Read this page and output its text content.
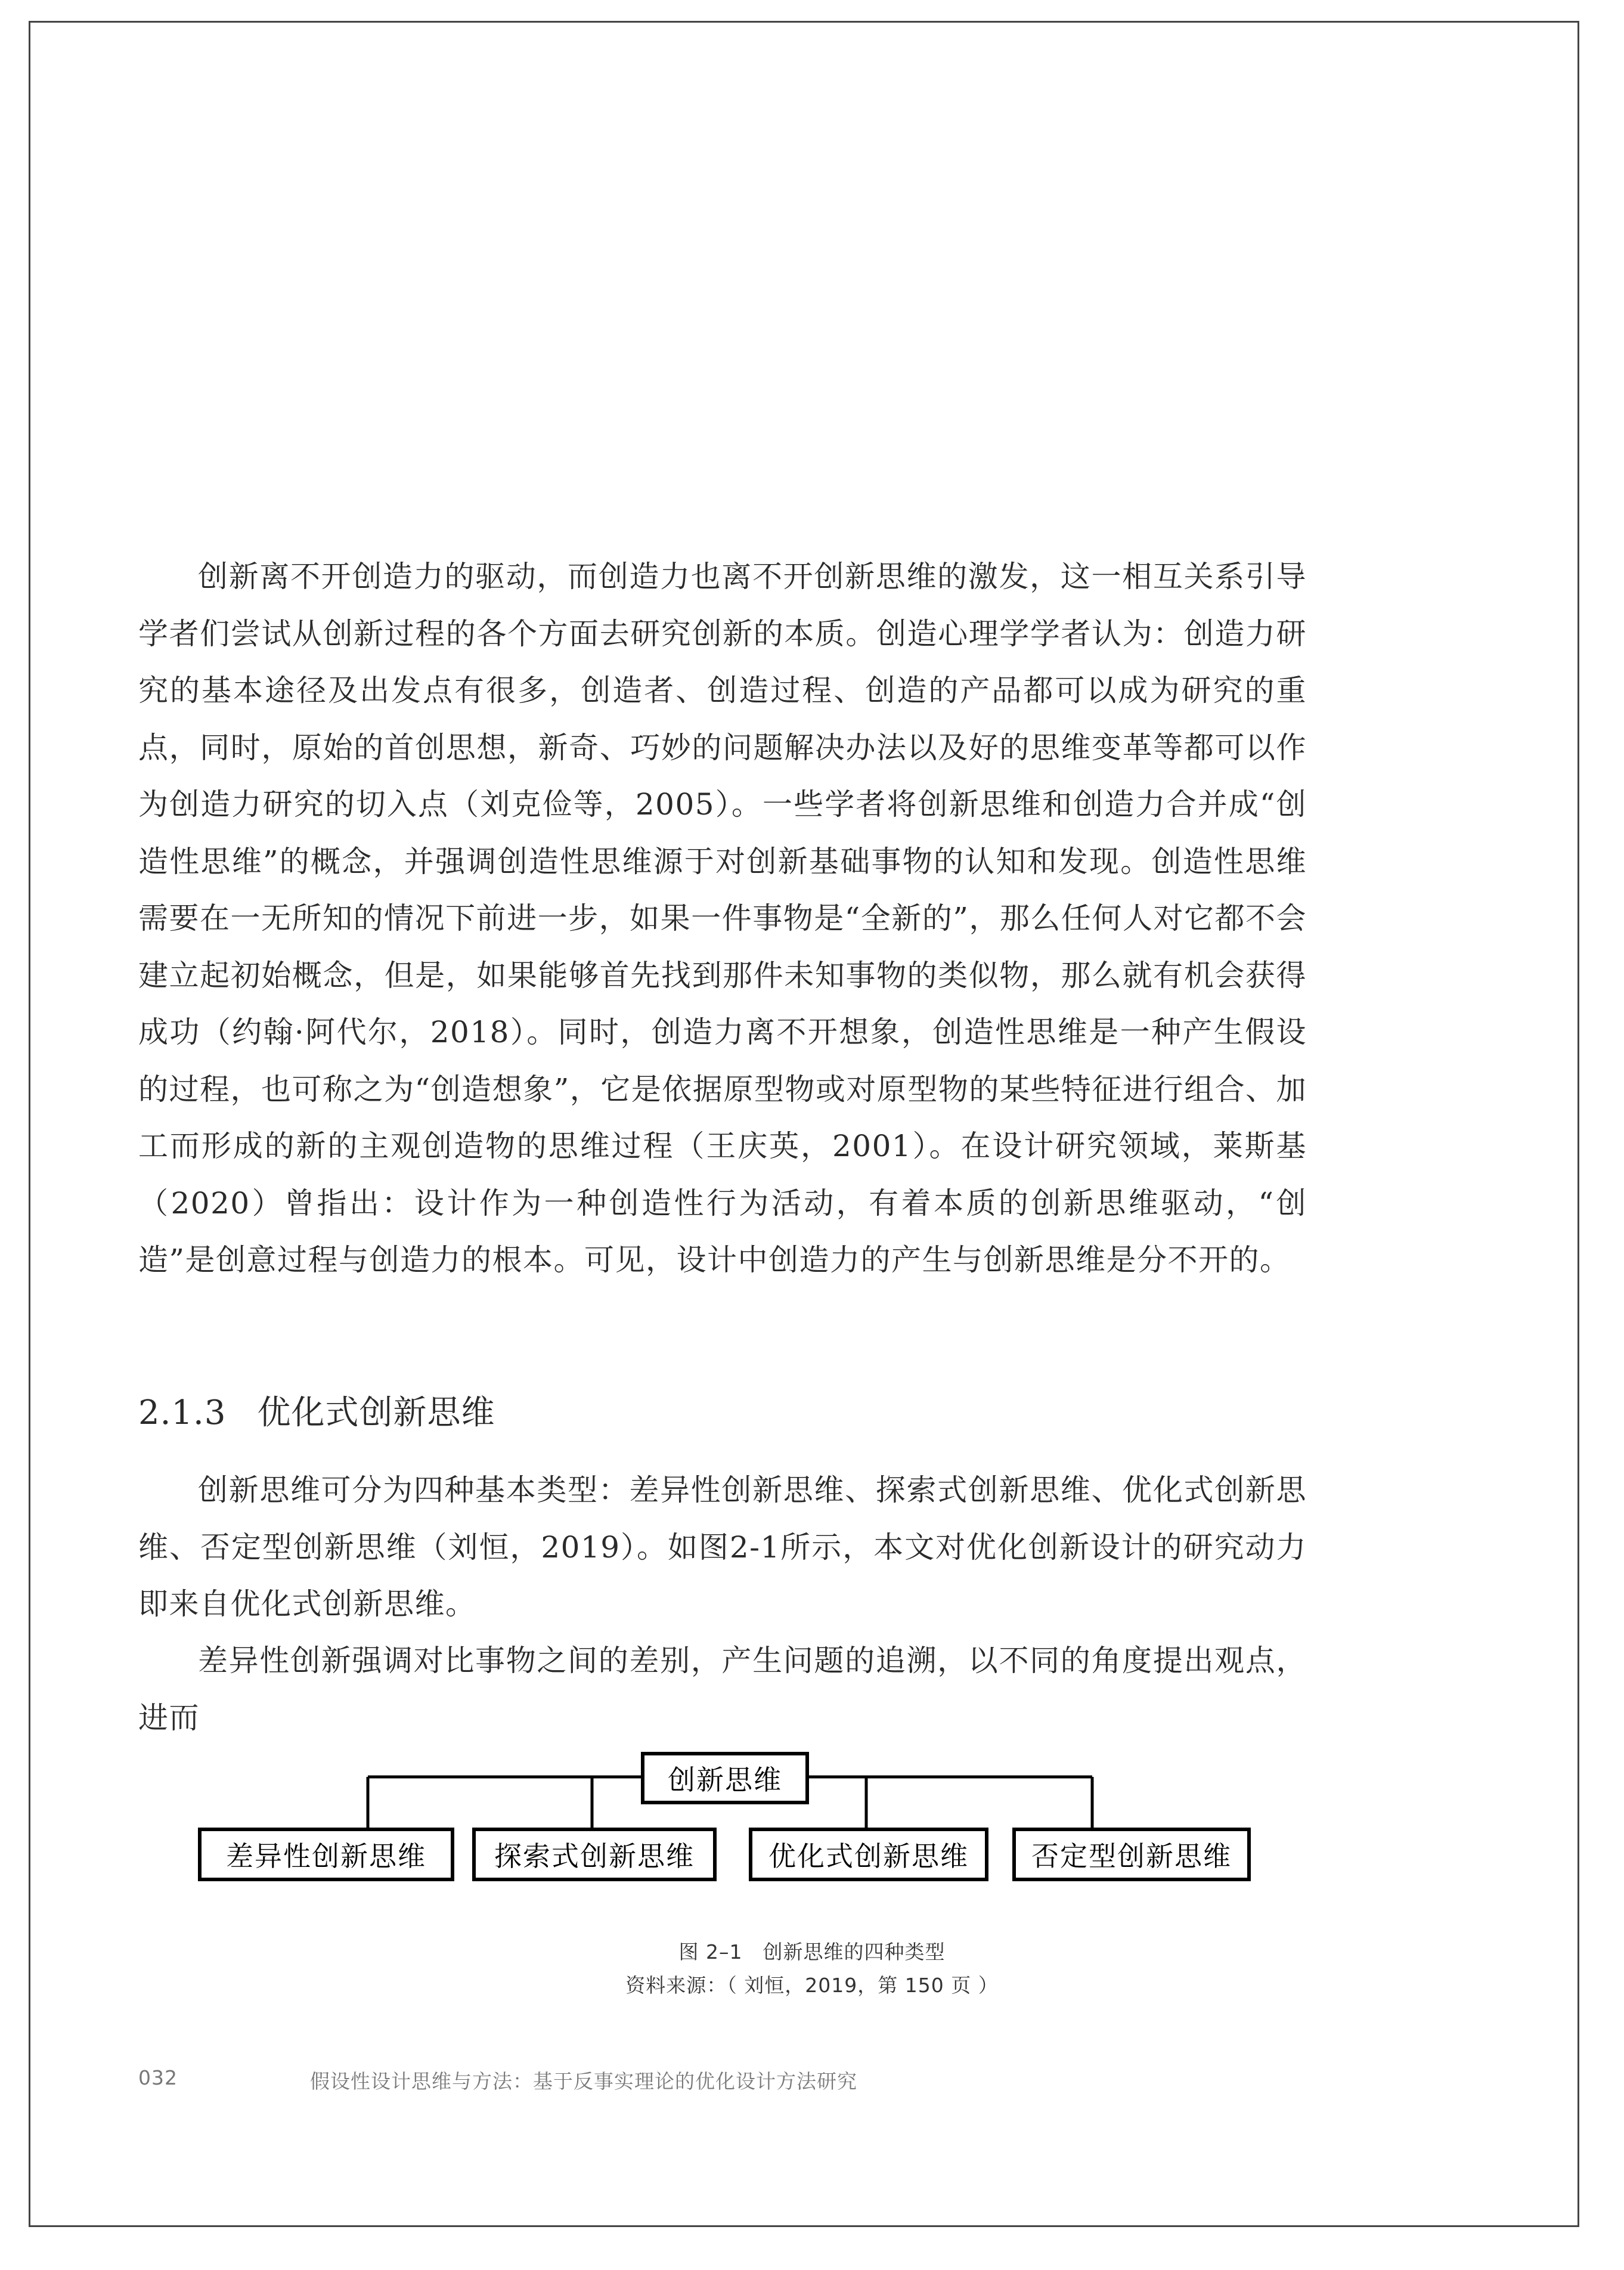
创新离不开创造力的驱动，而创造力也离不开创新思维的激发，这一相互关系引导学者们尝试从创新过程的各个方面去研究创新的本质。创造心理学学者认为：创造力研究的基本途径及出发点有很多，创造者、创造过程、创造的产品都可以成为研究的重点，同时，原始的首创思想，新奇、巧妙的问题解决办法以及好的思维变革等都可以作为创造力研究的切入点（刘克俭等，2005）。一些学者将创新思维和创造力合并成“创造性思维”的概念，并强调创造性思维源于对创新基础事物的认知和发现。创造性思维需要在一无所知的情况下前进一步，如果一件事物是“全新的”，那么任何人对它都不会建立起初始概念，但是，如果能够首先找到那件未知事物的类似物，那么就有机会获得成功（约翰·阿代尔，2018）。同时，创造力离不开想象，创造性思维是一种产生假设的过程，也可称之为“创造想象”，它是依据原型物或对原型物的某些特征进行组合、加工而形成的新的主观创造物的思维过程（王庆英，2001）。在设计研究领域，莱斯基（2020）曾指出：设计作为一种创造性行为活动，有着本质的创新思维驱动，“创造”是创意过程与创造力的根本。可见，设计中创造力的产生与创新思维是分不开的。

2.1.3 优化式创新思维

创新思维可分为四种基本类型：差异性创新思维、探索式创新思维、优化式创新思维、否定型创新思维（刘恒，2019）。如图2-1所示，本文对优化创新设计的研究动力即来自优化式创新思维。

差异性创新强调对比事物之间的差别，产生问题的追溯，以不同的角度提出观点，进而

创新思维
差异性创新思维	探索式创新思维	优化式创新思维	否定型创新思维
图 2–1　创新思维的四种类型
资料来源：（ 刘恒，2019，第 150 页 ）
032	假设性设计思维与方法：基于反事实理论的优化设计方法研究
